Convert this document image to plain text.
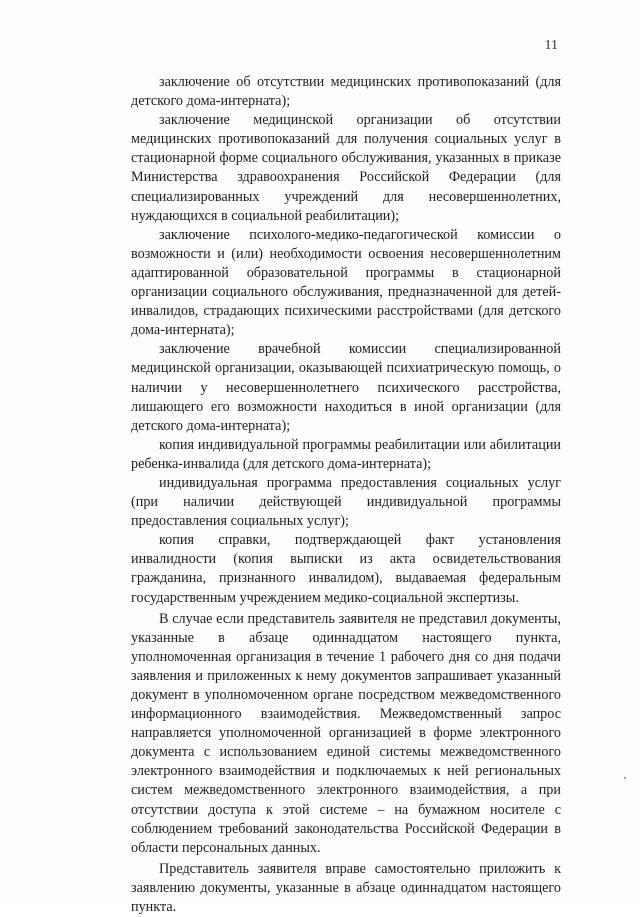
11

заключение об отсутствии медицинских противопоказаний (для детского дома-интерната);

заключение медицинской организации об отсутствии медицинских противопоказаний для получения социальных услуг в стационарной форме социального обслуживания, указанных в приказе Министерства здравоохранения Российской Федерации (для специализированных учреждений для несовершеннолетних, нуждающихся в социальной реабилитации);

заключение психолого-медико-педагогической комиссии о возможности и (или) необходимости освоения несовершеннолетним адаптированной образовательной программы в стационарной организации социального обслуживания, предназначенной для детей-инвалидов, страдающих психическими расстройствами (для детского дома-интерната);

заключение врачебной комиссии специализированной медицинской организации, оказывающей психиатрическую помощь, о наличии у несовершеннолетнего психического расстройства, лишающего его возможности находиться в иной организации (для детского дома-интерната);

копия индивидуальной программы реабилитации или абилитации ребенка-инвалида (для детского дома-интерната);

индивидуальная программа предоставления социальных услуг (при наличии действующей индивидуальной программы предоставления социальных услуг);

копия справки, подтверждающей факт установления инвалидности (копия выписки из акта освидетельствования гражданина, признанного инвалидом), выдаваемая федеральным государственным учреждением медико-социальной экспертизы.

В случае если представитель заявителя не представил документы, указанные в абзаце одиннадцатом настоящего пункта, уполномоченная организация в течение 1 рабочего дня со дня подачи заявления и приложенных к нему документов запрашивает указанный документ в уполномоченном органе посредством межведомственного информационного взаимодействия. Межведомственный запрос направляется уполномоченной организацией в форме электронного документа с использованием единой системы межведомственного электронного взаимодействия и подключаемых к ней региональных систем межведомственного электронного взаимодействия, а при отсутствии доступа к этой системе – на бумажном носителе с соблюдением требований законодательства Российской Федерации в области персональных данных.

Представитель заявителя вправе самостоятельно приложить к заявлению документы, указанные в абзаце одиннадцатом настоящего пункта.
